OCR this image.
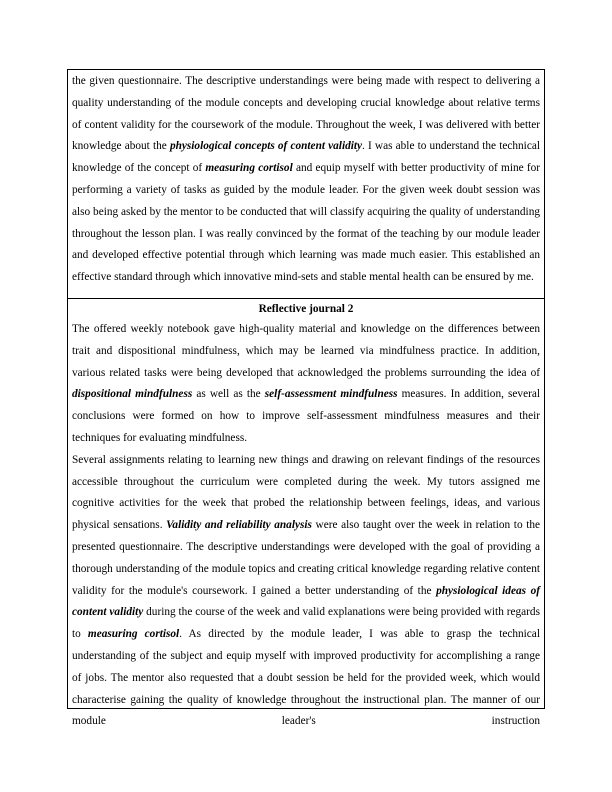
the given questionnaire. The descriptive understandings were being made with respect to delivering a quality understanding of the module concepts and developing crucial knowledge about relative terms of content validity for the coursework of the module. Throughout the week, I was delivered with better knowledge about the physiological concepts of content validity. I was able to understand the technical knowledge of the concept of measuring cortisol and equip myself with better productivity of mine for performing a variety of tasks as guided by the module leader. For the given week doubt session was also being asked by the mentor to be conducted that will classify acquiring the quality of understanding throughout the lesson plan. I was really convinced by the format of the teaching by our module leader and developed effective potential through which learning was made much easier. This established an effective standard through which innovative mind-sets and stable mental health can be ensured by me.

Reflective journal 2

The offered weekly notebook gave high-quality material and knowledge on the differences between trait and dispositional mindfulness, which may be learned via mindfulness practice. In addition, various related tasks were being developed that acknowledged the problems surrounding the idea of dispositional mindfulness as well as the self-assessment mindfulness measures. In addition, several conclusions were formed on how to improve self-assessment mindfulness measures and their techniques for evaluating mindfulness.

Several assignments relating to learning new things and drawing on relevant findings of the resources accessible throughout the curriculum were completed during the week. My tutors assigned me cognitive activities for the week that probed the relationship between feelings, ideas, and various physical sensations. Validity and reliability analysis were also taught over the week in relation to the presented questionnaire. The descriptive understandings were developed with the goal of providing a thorough understanding of the module topics and creating critical knowledge regarding relative content validity for the module's coursework. I gained a better understanding of the physiological ideas of content validity during the course of the week and valid explanations were being provided with regards to measuring cortisol. As directed by the module leader, I was able to grasp the technical understanding of the subject and equip myself with improved productivity for accomplishing a range of jobs. The mentor also requested that a doubt session be held for the provided week, which would characterise gaining the quality of knowledge throughout the instructional plan. The manner of our module leader's instruction
